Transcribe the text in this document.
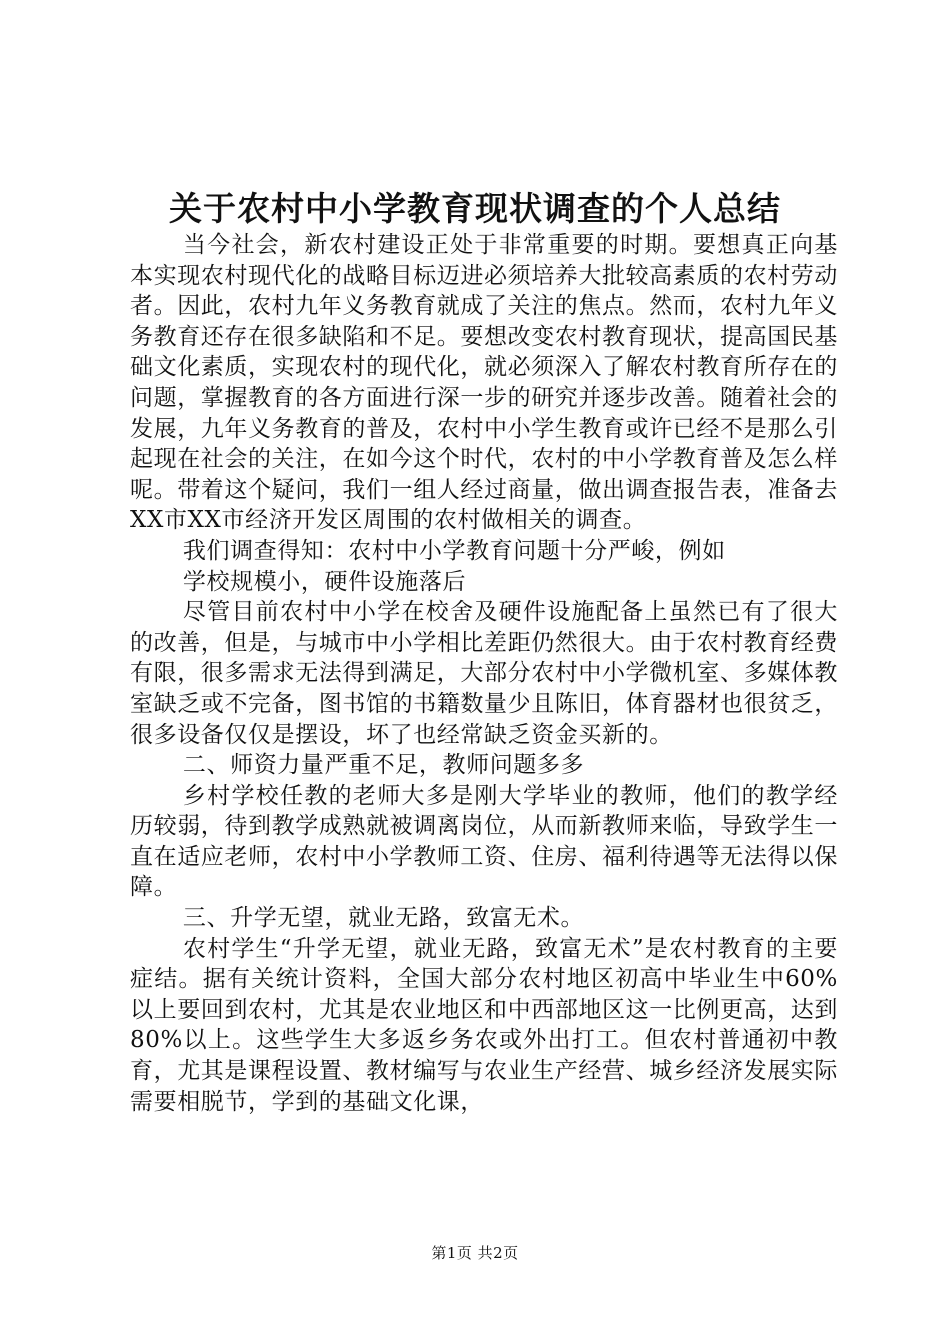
关于农村中小学教育现状调查的个人总结

当今社会，新农村建设正处于非常重要的时期。要想真正向基本实现农村现代化的战略目标迈进必须培养大批较高素质的农村劳动者。因此，农村九年义务教育就成了关注的焦点。然而，农村九年义务教育还存在很多缺陷和不足。要想改变农村教育现状，提高国民基础文化素质，实现农村的现代化，就必须深入了解农村教育所存在的问题，掌握教育的各方面进行深一步的研究并逐步改善。随着社会的发展，九年义务教育的普及，农村中小学生教育或许已经不是那么引起现在社会的关注，在如今这个时代，农村的中小学教育普及怎么样呢。带着这个疑问，我们一组人经过商量，做出调查报告表，准备去XX市XX市经济开发区周围的农村做相关的调查。

我们调查得知：农村中小学教育问题十分严峻，例如

学校规模小，硬件设施落后

尽管目前农村中小学在校舍及硬件设施配备上虽然已有了很大的改善，但是，与城市中小学相比差距仍然很大。由于农村教育经费有限，很多需求无法得到满足，大部分农村中小学微机室、多媒体教室缺乏或不完备，图书馆的书籍数量少且陈旧，体育器材也很贫乏，很多设备仅仅是摆设，坏了也经常缺乏资金买新的。

二、师资力量严重不足，教师问题多多

乡村学校任教的老师大多是刚大学毕业的教师，他们的教学经历较弱，待到教学成熟就被调离岗位，从而新教师来临，导致学生一直在适应老师，农村中小学教师工资、住房、福利待遇等无法得以保障。

三、升学无望，就业无路，致富无术。

农村学生“升学无望，就业无路，致富无术”是农村教育的主要症结。据有关统计资料，全国大部分农村地区初高中毕业生中60%以上要回到农村，尤其是农业地区和中西部地区这一比例更高，达到80%以上。这些学生大多返乡务农或外出打工。但农村普通初中教育，尤其是课程设置、教材编写与农业生产经营、城乡经济发展实际需要相脱节，学到的基础文化课，

第1页 共2页
